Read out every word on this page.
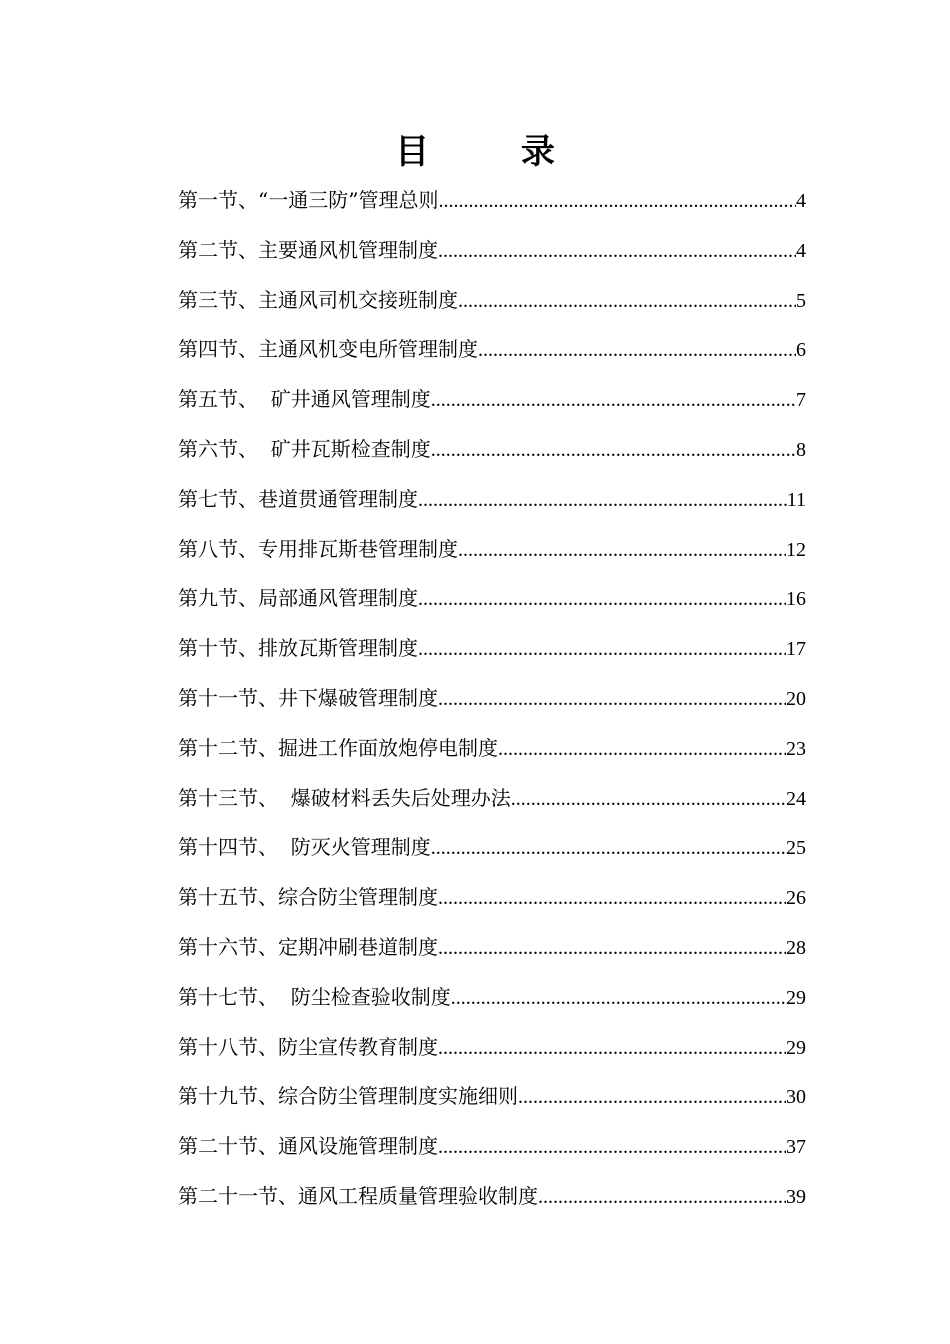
目 录
第一节、“一通三防”管理总则 .....	4
第二节、主要通风机管理制度 .....	4
第三节、主通风司机交接班制度 .....	5
第四节、主通风机变电所管理制度 .....	6
第五节、  矿井通风管理制度 .....	7
第六节、  矿井瓦斯检查制度 .....	8
第七节、巷道贯通管理制度 .....	11
第八节、专用排瓦斯巷管理制度 .....	12
第九节、局部通风管理制度 .....	16
第十节、排放瓦斯管理制度 .....	17
第十一节、井下爆破管理制度 .....	20
第十二节、掘进工作面放炮停电制度 .....	23
第十三节、  爆破材料丢失后处理办法 .....	24
第十四节、  防灭火管理制度 .....	25
第十五节、综合防尘管理制度 .....	26
第十六节、定期冲刷巷道制度 .....	28
第十七节、  防尘检查验收制度 .....	29
第十八节、防尘宣传教育制度 .....	29
第十九节、综合防尘管理制度实施细则 .....	30
第二十节、通风设施管理制度 .....	37
第二十一节、通风工程质量管理验收制度 .....	39
